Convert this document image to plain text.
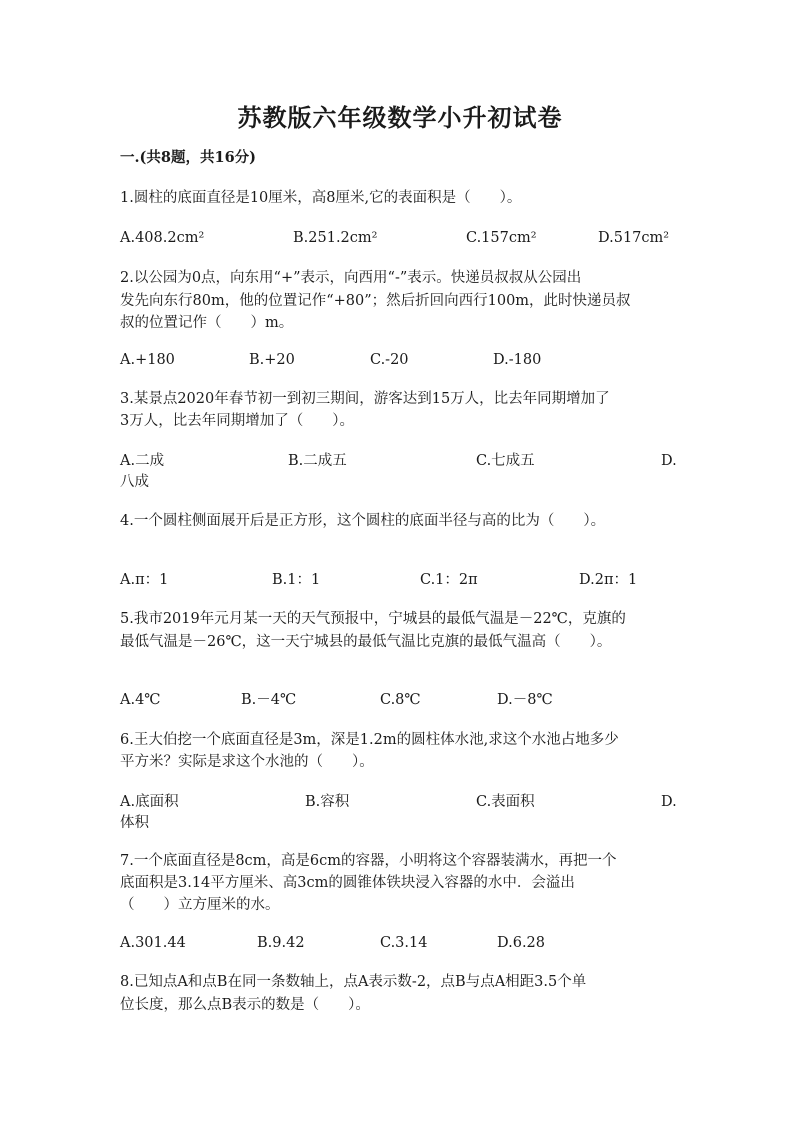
苏教版六年级数学小升初试卷
一.(共8题，共16分)
1.圆柱的底面直径是10厘米，高8厘米,它的表面积是（　　）。
A.408.2cm²	B.251.2cm²	C.157cm²	D.517cm²
2.以公园为0点，向东用“+”表示，向西用“-”表示。快递员叔叔从公园出
发先向东行80m，他的位置记作“+80”；然后折回向西行100m，此时快递员叔
叔的位置记作（　　）m。
A.+180	B.+20	C.-20	D.-180
3.某景点2020年春节初一到初三期间，游客达到15万人，比去年同期增加了
3万人，比去年同期增加了（　　）。
A.二成	B.二成五	C.七成五	D.
八成
4.一个圆柱侧面展开后是正方形，这个圆柱的底面半径与高的比为（　　）。
A.π：1	B.1：1	C.1：2π	D.2π：1
5.我市2019年元月某一天的天气预报中，宁城县的最低气温是－22℃，克旗的
最低气温是－26℃，这一天宁城县的最低气温比克旗的最低气温高（　　）。
A.4℃	B.－4℃	C.8℃	D.－8℃
6.王大伯挖一个底面直径是3m，深是1.2m的圆柱体水池,求这个水池占地多少
平方米？实际是求这个水池的（　　）。
A.底面积	B.容积	C.表面积	D.
体积
7.一个底面直径是8cm，高是6cm的容器，小明将这个容器装满水，再把一个
底面积是3.14平方厘米、高3cm的圆锥体铁块浸入容器的水中．会溢出
（　　）立方厘米的水。
A.301.44	B.9.42	C.3.14	D.6.28
8.已知点A和点B在同一条数轴上，点A表示数-2，点B与点A相距3.5个单
位长度，那么点B表示的数是（　　）。
